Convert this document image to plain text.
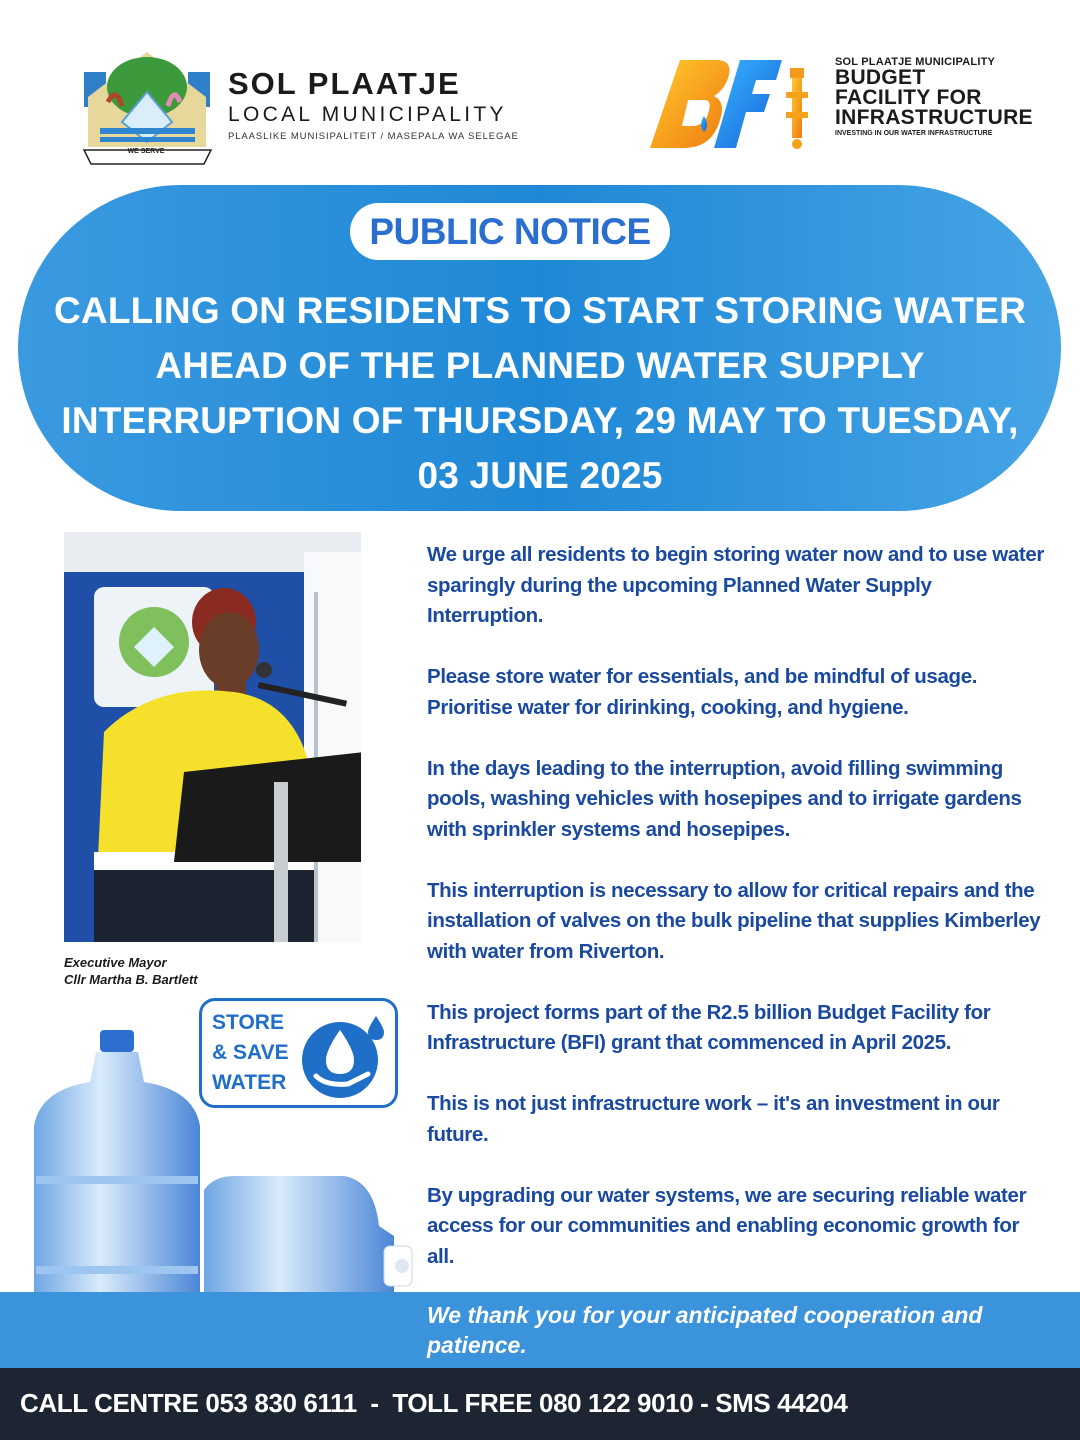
WE SERVE
SOL PLAATJE
LOCAL MUNICIPALITY
PLAASLIKE MUNISIPALITEIT / MASEPALA WA SELEGAE
SOL PLAATJE MUNICIPALITY
BUDGET
FACILITY FOR
INFRASTRUCTURE
INVESTING IN OUR WATER INFRASTRUCTURE
PUBLIC NOTICE
CALLING ON RESIDENTS TO START STORING WATER AHEAD OF THE PLANNED WATER SUPPLY INTERRUPTION OF THURSDAY, 29 MAY TO TUESDAY, 03 JUNE 2025
Executive Mayor
Cllr Martha B. Bartlett
STORE
& SAVE
WATER

We urge all residents to begin storing water now and to use water sparingly during the upcoming Planned Water Supply Interruption.

Please store water for essentials, and be mindful of usage. Prioritise water for dirinking, cooking, and hygiene.

In the days leading to the interruption, avoid filling swimming pools, washing vehicles with hosepipes and to irrigate gardens with sprinkler systems and hosepipes.

This interruption is necessary to allow for critical repairs and the installation of valves on the bulk pipeline that supplies Kimberley with water from Riverton.

This project forms part of the R2.5 billion Budget Facility for Infrastructure (BFI) grant that commenced in April 2025.

This is not just infrastructure work – it's an investment in our future.

By upgrading our water systems, we are securing reliable water access for our communities and enabling economic growth for all.

We thank you for your anticipated cooperation and patience.
CALL CENTRE 053 830 6111  -  TOLL FREE 080 122 9010 - SMS 44204
